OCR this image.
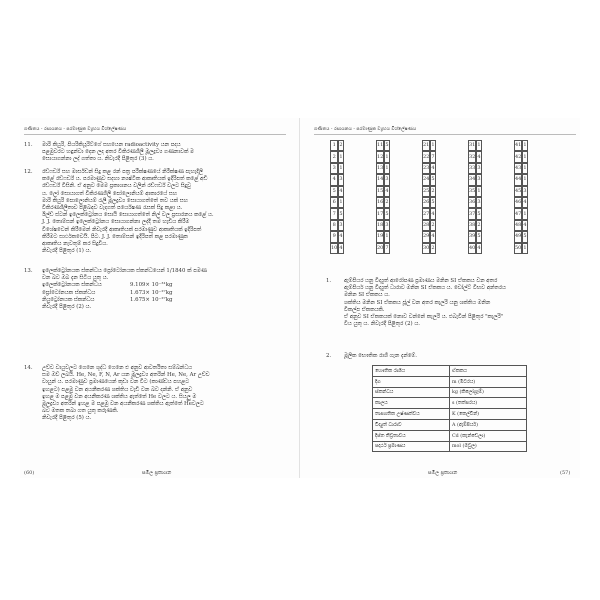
ගණිතය - රසායනය - පරමාණුක ව්‍යූහය විශ්ලේෂණය
11. මාරි කියුරි, පියරිකියූරිට්ගේ සහයෙන radioactivity යන පදය

පළමුවරට හඳුන්වා දෙන ලද අතර විකිරණශීලී මූලද්‍රව්‍ය ගණනාවක් ම

සොයාගන්නා ලද් ගත්තා ය. නිවැරදි පිළිතුර (3) ය.

12. රඩ්ෆර්ඩ් සහ මාර්ස්ඩන් සිදු කළ රන් පත්‍ර පරීක්ෂණයේ නිරීක්ෂණ පැහැදිලි

කළේ රඩ්ෆර්ඩ් ය. පරමාණුව සදහා න්‍යෂ්ටික ආකෘතියක් ඉදිරිපත් කළේ අඩි

රඩ්ෆර්ඩ් විසිනි. ඒ අනුව මෙම ප්‍රකාශනය වලින් රඩ්ෆර්ඩ් වලට සිදුවු

ය. ලෝ සොයාගත් විකිරණශීලී පෝලොනියම් ආකාරයේ සහ

මාරි කියුරි පොලොනියම් රැලී මූලද්‍රව්‍ය සොයාගත්තේ තව යක් සහ

විකිරණශීලීතාව පිළිබඳව වැදගත් පර්යේෂණ රැසක් සිදු කළා ය.

ඊල්ඩ් ස්ටන් ඉලෙක්ට්‍රෝනය සොයි සොයාගත්තේ නිල් වල ප්‍රසාරනය කළේ ය.

J. J. තොම්සන් ඉලෙක්ට්‍රෝනය සොයාගන්නා ලද්දී තම හැඩිය කිරීම

විශේෂවෙන් කිරීමෙන් නිවැරදි ආකෘතියක් පරමාණුව ආකෘතියක් ඉදිරිපත්

කිරීමට සාර්ථකවෙයි. පිට. J. J. තොම්සන් ඉදිරිපත් කළ පරමාණුක

ආකෘතිය නැවතුම් කර සිදුවිය.

නිවැරදි පිළිතුර (1) ය.

13. ඉලෙක්ට්‍රෝනයක ස්කන්ධය ප්‍රෝටෝනයක ස්කන්ධයෙන් 1/1840 ක් පමණ

වන බව ඔබ දැන සිටිය යුතු ය.

ඉලෙක්ට්‍රෝනයක ස්කන්ධය	9.109× 10⁻³¹kg
ප්‍රෝටෝනයක ස්කන්ධය	1.673× 10⁻²⁷kg
නියුට්‍රෝනයක ස්කන්ධය	1.675× 10⁻²⁷kg

නිවැරදි පිළිතුර (2) ය.

14. උච්ච වායුවලට ගෙනෙ ශුද්ධ ගෙනෙ එ අනුව ආවර්තිතා සම්බන්ධය

සම ඔව් ලබයි. He, Ne, F, N, Ar යන මූලද්‍රව්‍ය අතරින් He, Ne, Ar උච්ච

වායුන් ය. පරමාණුව ප්‍රමාණයෙන් කුඩා වන විට (කාණ්ඩය පහළට

ඉහළට) පළමු වන අයනීකරණ ශක්තිය වැඩි වන බව දන්නි. ඒ අනුව

ඉහළ ම පළමු වන අයනීකරණ ශක්තිය ඇත්තේ He වලට ය. සියලු ම

මූලද්‍රව්‍ය අතරින් ඉහළ ම පළමු වන අයනීකරණ ශක්තිය ඇත්තේ Heවලට

බව මතක තබා ගත යුතු කරුණකි.

නිවැරදි පිළිතුර (5) ය.

(60)	සමිල ප්‍රකාශන
ගණිතය - රසායනය - පරමාණුක ව්‍යූහය විශ්ලේෂණය
1	2
2	1
3	1
4	3
5	4
6	1
7	5
8	3
9	4
10	4
11	5
12	1
13	1
14	3
15	4
16	2
17	5
18	3
19	1
20	7
21	1
22	7
23	4
24	5
25	2
26	5
27	4
28	2
29	4
30	2
31	1
32	4
33	3
34	3
35	1
36	3
37	5
38	2
39	5
40	4
41	1
42	1
43	1
44	1
45	3
46	4
47	1
48	4
49	5
50	1
1. ඇම්පියර යනු විද්‍යුත් ආරෝපණ ප්‍රමාණය මනින SI ඒකකය වන අතර

ඇම්පියර් යනු විද්‍යුත් ධාරාව මනින SI ඒකකය ය. වෝල්ට් විභව අන්තරය

මනින SI ඒකකය ය.

ශක්තිය මනින SI ඒකකය ජූල් වන අතර කැලරි යනු ශක්තිය මනින

විකල්ප ඒකකයකි.

ඒ අනුව SI ඒකකයක් නොව වන්නේ කැලරි ය. එබැවින් පිළිතුර "කැලරි"

වීය යුතු ය. නිවැරදි පිළිතුර (2) ය.

2. මූලික භෞතික රාශි ගැන දැන්මේ.

භෞතික රාශිය	ඒකකය
දිග	m (මීටරය)
ස්කන්ධය	kg (කිලෝග්‍රෑම්)
කාලය	s (තත්පරය)
තාපගතික උෂ්ණත්වය	K (කෙල්වින්)
විද්‍යුත් ධාරාව	A (ඇම්පියර්)
දීප්ත තීව්‍රතාවය	Cd (කැන්ඩෙලා)
පදාර්ථ ප්‍රමාණය	mol (මවුල)
සමිල ප්‍රකාශන	(57)
